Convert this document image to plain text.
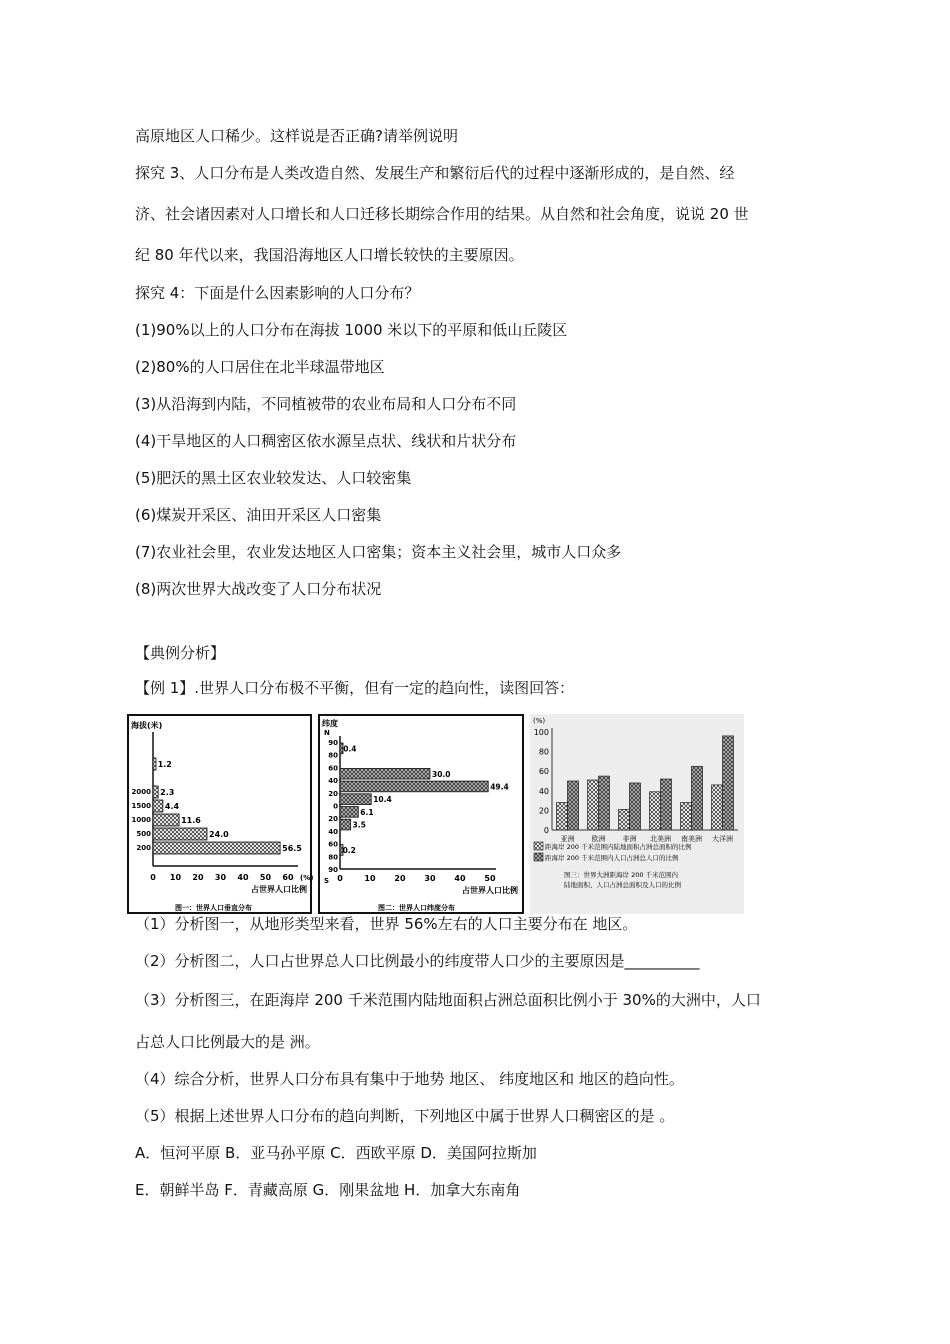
高原地区人口稀少。这样说是否正确?请举例说明
探究 3、人口分布是人类改造自然、发展生产和繁衍后代的过程中逐渐形成的，是自然、经
济、社会诸因素对人口增长和人口迁移长期综合作用的结果。从自然和社会角度，说说 20 世
纪 80 年代以来，我国沿海地区人口增长较快的主要原因。
探究 4：下面是什么因素影响的人口分布？
(1)90%以上的人口分布在海拔 1000 米以下的平原和低山丘陵区
(2)80%的人口居住在北半球温带地区
(3)从沿海到内陆，不同植被带的农业布局和人口分布不同
(4)干旱地区的人口稠密区依水源呈点状、线状和片状分布
(5)肥沃的黑土区农业较发达、人口较密集
(6)煤炭开采区、油田开采区人口密集
(7)农业社会里，农业发达地区人口密集；资本主义社会里，城市人口众多
(8)两次世界大战改变了人口分布状况
【典例分析】
【例 1】.世界人口分布极不平衡，但有一定的趋向性，读图回答：
海拔(米)
56.5
24.0
11.6
4.4
2.3
1.2
200
500
1000
1500
2000
0 10 20 30 40 50 60 (%)
占世界人口比例
图一：世界人口垂直分布
纬度
N
S
90
80
60
40
20
0
20
40
60
80
90
0.4
30.0
49.4
10.4
6.1
3.5
0.2
0	10 20 30 40 50
占世界人口比例
图二：世界人口纬度分布
(%)
0
20
40
60
80
100
亚洲 欧洲 非洲 北美洲 南美洲 大洋洲
距海岸 200 千米范围内陆地面积占洲总面积的比例
距海岸 200 千米范围内人口占洲总人口的比例
图三：世界大洲距海岸 200 千米范围内
陆地面积、人口占洲总面积及人口的比例
（1）分析图一，从地形类型来看，世界 56%左右的人口主要分布在 地区。
（2）分析图二，人口占世界总人口比例最小的纬度带人口少的主要原因是__________
（3）分析图三，在距海岸 200 千米范围内陆地面积占洲总面积比例小于 30%的大洲中，人口
占总人口比例最大的是 洲。
（4）综合分析，世界人口分布具有集中于地势 地区、 纬度地区和 地区的趋向性。
（5）根据上述世界人口分布的趋向判断，下列地区中属于世界人口稠密区的是 。
A．恒河平原 B．亚马孙平原 C．西欧平原 D．美国阿拉斯加
E．朝鲜半岛 F．青藏高原 G．刚果盆地 H．加拿大东南角
